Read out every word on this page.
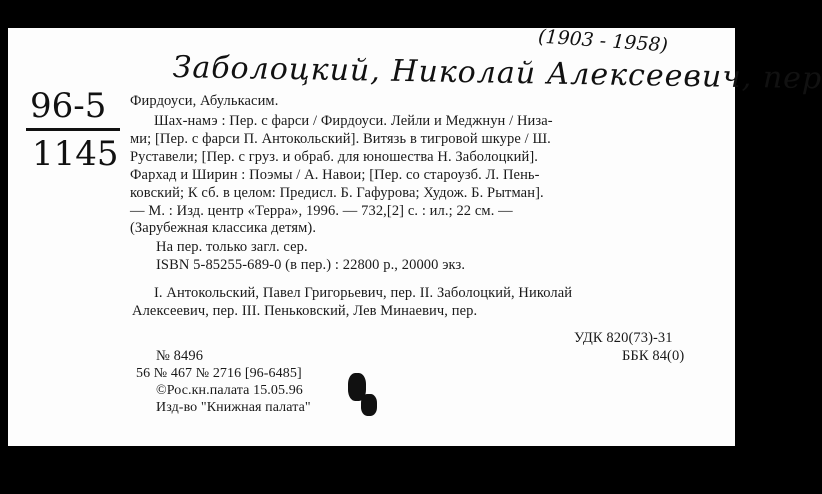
(1903 - 1958)
Заболоцкий, Николай Алексеевич, пер
96-5
1145
Фирдоуси, Абулькасим.
Шах-намэ : Пер. с фарси / Фирдоуси. Лейли и Меджнун / Низа-
ми; [Пер. с фарси П. Антокольский]. Витязь в тигровой шкуре / Ш.
Руставели; [Пер. с груз. и обраб. для юношества Н. Заболоцкий].
Фархад и Ширин : Поэмы / А. Навои; [Пер. со староузб. Л. Пень-
ковский; К сб. в целом: Предисл. Б. Гафурова; Худож. Б. Рытман].
— М. : Изд. центр «Терра», 1996. — 732,[2] с. : ил.; 22 см. —
(Зарубежная классика детям).
На пер. только загл. сер.
ISBN 5-85255-689-0 (в пер.) : 22800 р., 20000 экз.
I. Антокольский, Павел Григорьевич, пер. II. Заболоцкий, Николай
Алексеевич, пер. III. Пеньковский, Лев Минаевич, пер.
УДК 820(73)-31
ББК 84(0)
№ 8496
56 № 467 № 2716 [96-6485]
©Рос.кн.палата 15.05.96
Изд-во "Книжная палата"
